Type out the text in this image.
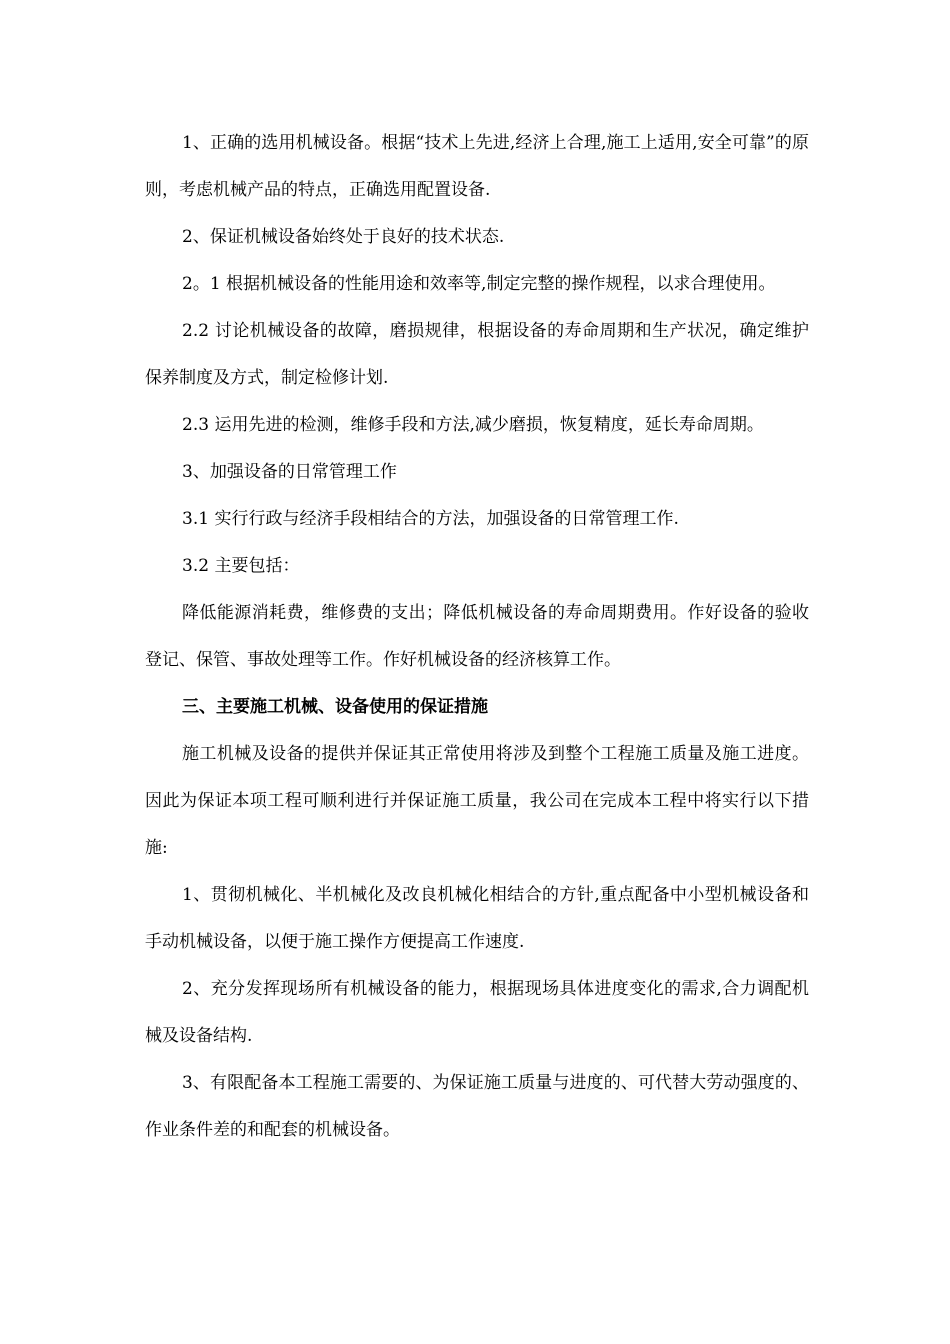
1、正确的选用机械设备。根据“技术上先进,经济上合理,施工上适用,安全可靠”的原则，考虑机械产品的特点，正确选用配置设备.

2、保证机械设备始终处于良好的技术状态.

2。1 根据机械设备的性能用途和效率等,制定完整的操作规程，以求合理使用。

2.2 讨论机械设备的故障，磨损规律，根据设备的寿命周期和生产状况，确定维护保养制度及方式，制定检修计划.

2.3 运用先进的检测，维修手段和方法,减少磨损，恢复精度，延长寿命周期。

3、加强设备的日常管理工作

3.1 实行行政与经济手段相结合的方法，加强设备的日常管理工作.

3.2 主要包括：

降低能源消耗费，维修费的支出；降低机械设备的寿命周期费用。作好设备的验收登记、保管、事故处理等工作。作好机械设备的经济核算工作。

三、主要施工机械、设备使用的保证措施

施工机械及设备的提供并保证其正常使用将涉及到整个工程施工质量及施工进度。因此为保证本项工程可顺利进行并保证施工质量，我公司在完成本工程中将实行以下措施:

1、贯彻机械化、半机械化及改良机械化相结合的方针,重点配备中小型机械设备和手动机械设备，以便于施工操作方便提高工作速度.

2、充分发挥现场所有机械设备的能力，根据现场具体进度变化的需求,合力调配机械及设备结构.

3、有限配备本工程施工需要的、为保证施工质量与进度的、可代替大劳动强度的、作业条件差的和配套的机械设备。
